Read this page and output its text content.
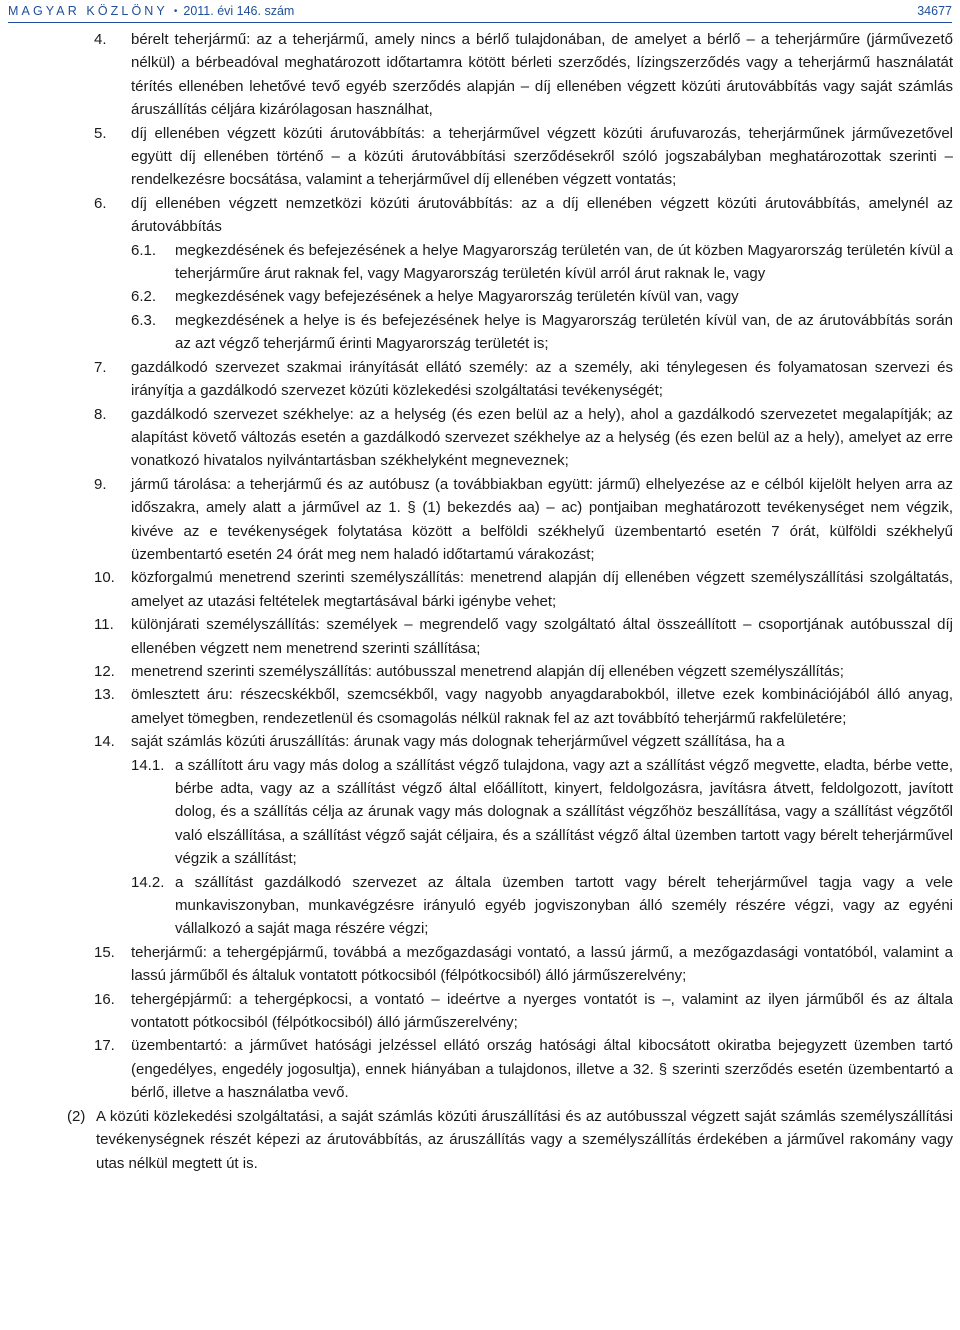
MAGYAR KÖZLÖNY • 2011. évi 146. szám	34677
4. bérelt teherjármű: az a teherjármű, amely nincs a bérlő tulajdonában, de amelyet a bérlő – a teherjárműre (járművezető nélkül) a bérbeadóval meghatározott időtartamra kötött bérleti szerződés, lízingszerződés vagy a teherjármű használatát térítés ellenében lehetővé tevő egyéb szerződés alapján – díj ellenében végzett közúti árutovábbítás vagy saját számlás áruszállítás céljára kizárólagosan használhat,
5. díj ellenében végzett közúti árutovábbítás: a teherjárművel végzett közúti árufuvarozás, teherjárműnek járművezetővel együtt díj ellenében történő – a közúti árutovábbítási szerződésekről szóló jogszabályban meghatározottak szerinti – rendelkezésre bocsátása, valamint a teherjárművel díj ellenében végzett vontatás;
6. díj ellenében végzett nemzetközi közúti árutovábbítás: az a díj ellenében végzett közúti árutovábbítás, amelynél az árutovábbítás
6.1. megkezdésének és befejezésének a helye Magyarország területén van, de út közben Magyarország területén kívül a teherjárműre árut raknak fel, vagy Magyarország területén kívül arról árut raknak le, vagy
6.2. megkezdésének vagy befejezésének a helye Magyarország területén kívül van, vagy
6.3. megkezdésének a helye is és befejezésének helye is Magyarország területén kívül van, de az árutovábbítás során az azt végző teherjármű érinti Magyarország területét is;
7. gazdálkodó szervezet szakmai irányítását ellátó személy: az a személy, aki ténylegesen és folyamatosan szervezi és irányítja a gazdálkodó szervezet közúti közlekedési szolgáltatási tevékenységét;
8. gazdálkodó szervezet székhelye: az a helység (és ezen belül az a hely), ahol a gazdálkodó szervezetet megalapítják; az alapítást követő változás esetén a gazdálkodó szervezet székhelye az a helység (és ezen belül az a hely), amelyet az erre vonatkozó hivatalos nyilvántartásban székhelyként megneveznek;
9. jármű tárolása: a teherjármű és az autóbusz (a továbbiakban együtt: jármű) elhelyezése az e célból kijelölt helyen arra az időszakra, amely alatt a járművel az 1. § (1) bekezdés aa) – ac) pontjaiban meghatározott tevékenységet nem végzik, kivéve az e tevékenységek folytatása között a belföldi székhelyű üzembentartó esetén 7 órát, külföldi székhelyű üzembentartó esetén 24 órát meg nem haladó időtartamú várakozást;
10. közforgalmú menetrend szerinti személyszállítás: menetrend alapján díj ellenében végzett személyszállítási szolgáltatás, amelyet az utazási feltételek megtartásával bárki igénybe vehet;
11. különjárati személyszállítás: személyek – megrendelő vagy szolgáltató által összeállított – csoportjának autóbusszal díj ellenében végzett nem menetrend szerinti szállítása;
12. menetrend szerinti személyszállítás: autóbusszal menetrend alapján díj ellenében végzett személyszállítás;
13. ömlesztett áru: részecskékből, szemcsékből, vagy nagyobb anyagdarabokból, illetve ezek kombinációjából álló anyag, amelyet tömegben, rendezetlenül és csomagolás nélkül raknak fel az azt továbbító teherjármű rakfelületére;
14. saját számlás közúti áruszállítás: árunak vagy más dolognak teherjárművel végzett szállítása, ha a
14.1. a szállított áru vagy más dolog a szállítást végző tulajdona, vagy azt a szállítást végző megvette, eladta, bérbe vette, bérbe adta, vagy az a szállítást végző által előállított, kinyert, feldolgozásra, javításra átvett, feldolgozott, javított dolog, és a szállítás célja az árunak vagy más dolognak a szállítást végzőhöz beszállítása, vagy a szállítást végzőtől való elszállítása, a szállítást végző saját céljaira, és a szállítást végző által üzemben tartott vagy bérelt teherjárművel végzik a szállítást;
14.2. a szállítást gazdálkodó szervezet az általa üzemben tartott vagy bérelt teherjárművel tagja vagy a vele munkaviszonyban, munkavégzésre irányuló egyéb jogviszonyban álló személy részére végzi, vagy az egyéni vállalkozó a saját maga részére végzi;
15. teherjármű: a tehergépjármű, továbbá a mezőgazdasági vontató, a lassú jármű, a mezőgazdasági vontatóból, valamint a lassú járműből és általuk vontatott pótkocsiból (félpótkocsiból) álló járműszerelvény;
16. tehergépjármű: a tehergépkocsi, a vontató – ideértve a nyerges vontatót is –, valamint az ilyen járműből és az általa vontatott pótkocsiból (félpótkocsiból) álló járműszerelvény;
17. üzembentartó: a járművet hatósági jelzéssel ellátó ország hatósági által kibocsátott okiratba bejegyzett üzemben tartó (engedélyes, engedély jogosultja), ennek hiányában a tulajdonos, illetve a 32. § szerinti szerződés esetén üzembentartó a bérlő, illetve a használatba vevő.
(2) A közúti közlekedési szolgáltatási, a saját számlás közúti áruszállítási és az autóbusszal végzett saját számlás személyszállítási tevékenységnek részét képezi az árutovábbítás, az áruszállítás vagy a személyszállítás érdekében a járművel rakomány vagy utas nélkül megtett út is.
